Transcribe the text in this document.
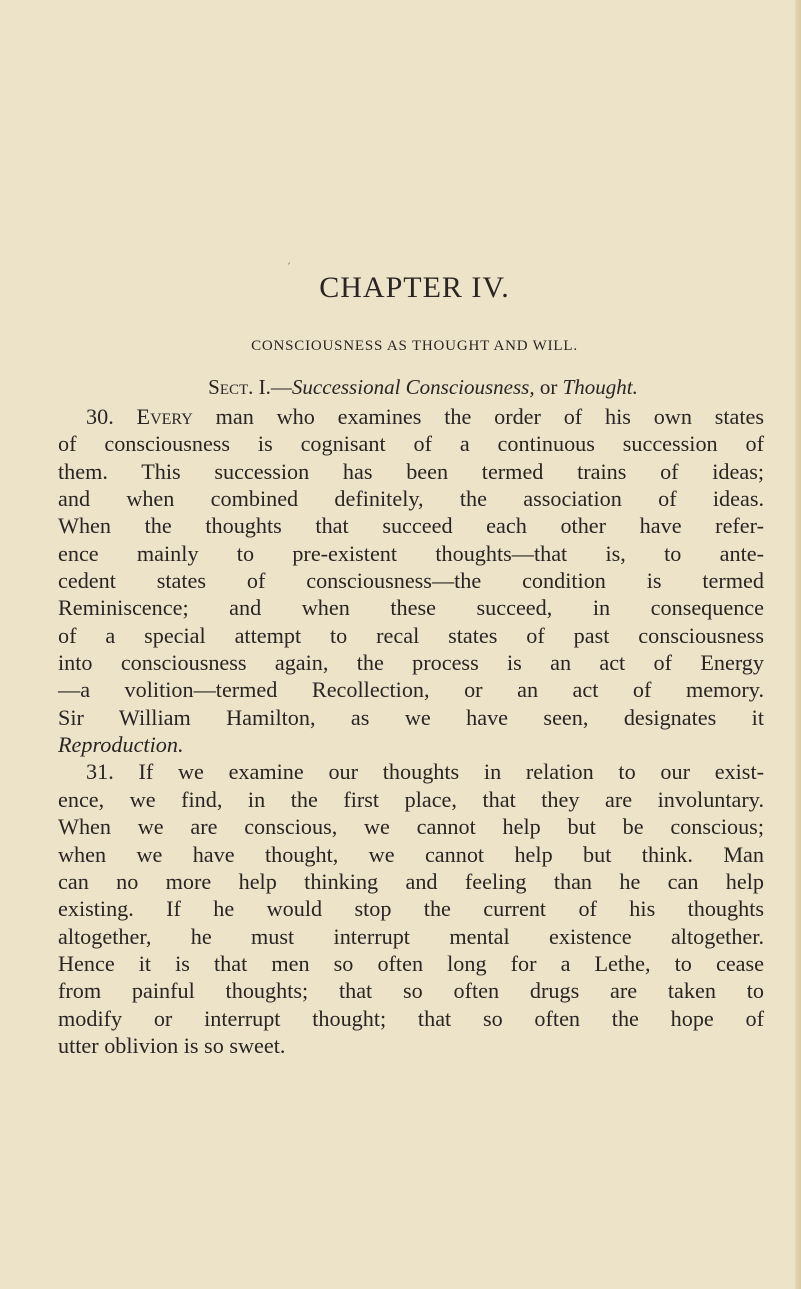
CHAPTER IV.
CONSCIOUSNESS AS THOUGHT AND WILL.
Sect. I.—Successional Consciousness, or Thought.
30. Every man who examines the order of his own states
of consciousness is cognisant of a continuous succession of
them. This succession has been termed trains of ideas;
and when combined definitely, the association of ideas.
When the thoughts that succeed each other have refer-
ence mainly to pre-existent thoughts—that is, to ante-
cedent states of consciousness—the condition is termed
Reminiscence; and when these succeed, in consequence
of a special attempt to recal states of past consciousness
into consciousness again, the process is an act of Energy
—a volition—termed Recollection, or an act of memory.
Sir William Hamilton, as we have seen, designates it
Reproduction.
31. If we examine our thoughts in relation to our exist-
ence, we find, in the first place, that they are involuntary.
When we are conscious, we cannot help but be conscious;
when we have thought, we cannot help but think. Man
can no more help thinking and feeling than he can help
existing. If he would stop the current of his thoughts
altogether, he must interrupt mental existence altogether.
Hence it is that men so often long for a Lethe, to cease
from painful thoughts; that so often drugs are taken to
modify or interrupt thought; that so often the hope of
utter oblivion is so sweet.
